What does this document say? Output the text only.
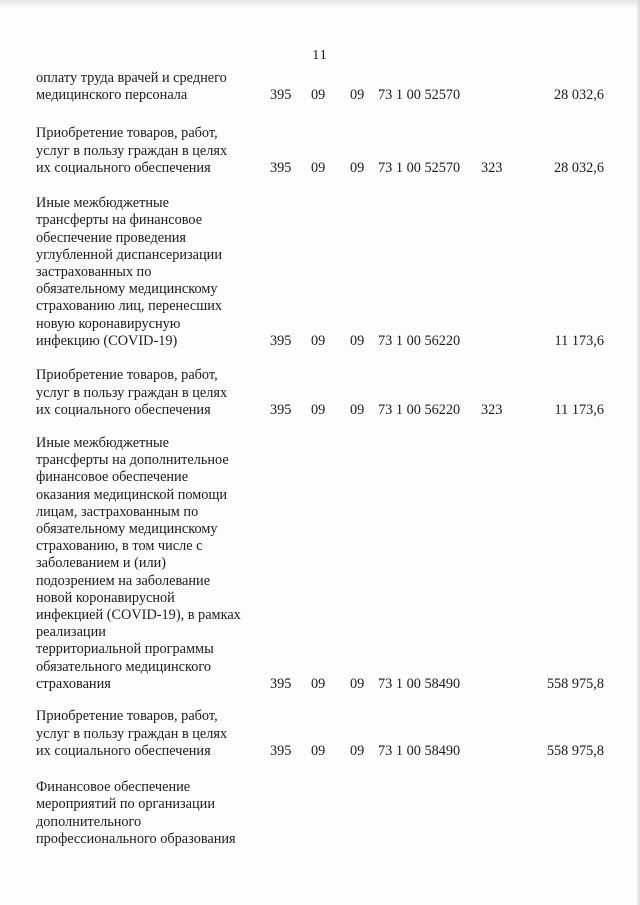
11
оплату труда врачей и среднего
медицинского персонала	395 09 09 73 1 00 52570	28 032,6
Приобретение товаров, работ,
услуг в пользу граждан в целях
их социального обеспечения	395 09 09 73 1 00 52570 323	28 032,6
Иные межбюджетные
трансферты на финансовое
обеспечение проведения
углубленной диспансеризации
застрахованных по
обязательному медицинскому
страхованию лиц, перенесших
новую коронавирусную
инфекцию (COVID-19)	395 09 09 73 1 00 56220	11 173,6
Приобретение товаров, работ,
услуг в пользу граждан в целях
их социального обеспечения	395 09 09 73 1 00 56220 323	11 173,6
Иные межбюджетные
трансферты на дополнительное
финансовое обеспечение
оказания медицинской помощи
лицам, застрахованным по
обязательному медицинскому
страхованию, в том числе с
заболеванием и (или)
подозрением на заболевание
новой коронавирусной
инфекцией (COVID-19), в рамках
реализации
территориальной программы
обязательного медицинского
страхования	395 09 09 73 1 00 58490	558 975,8
Приобретение товаров, работ,
услуг в пользу граждан в целях
их социального обеспечения	395 09 09 73 1 00 58490	558 975,8
Финансовое обеспечение
мероприятий по организации
дополнительного
профессионального образования
